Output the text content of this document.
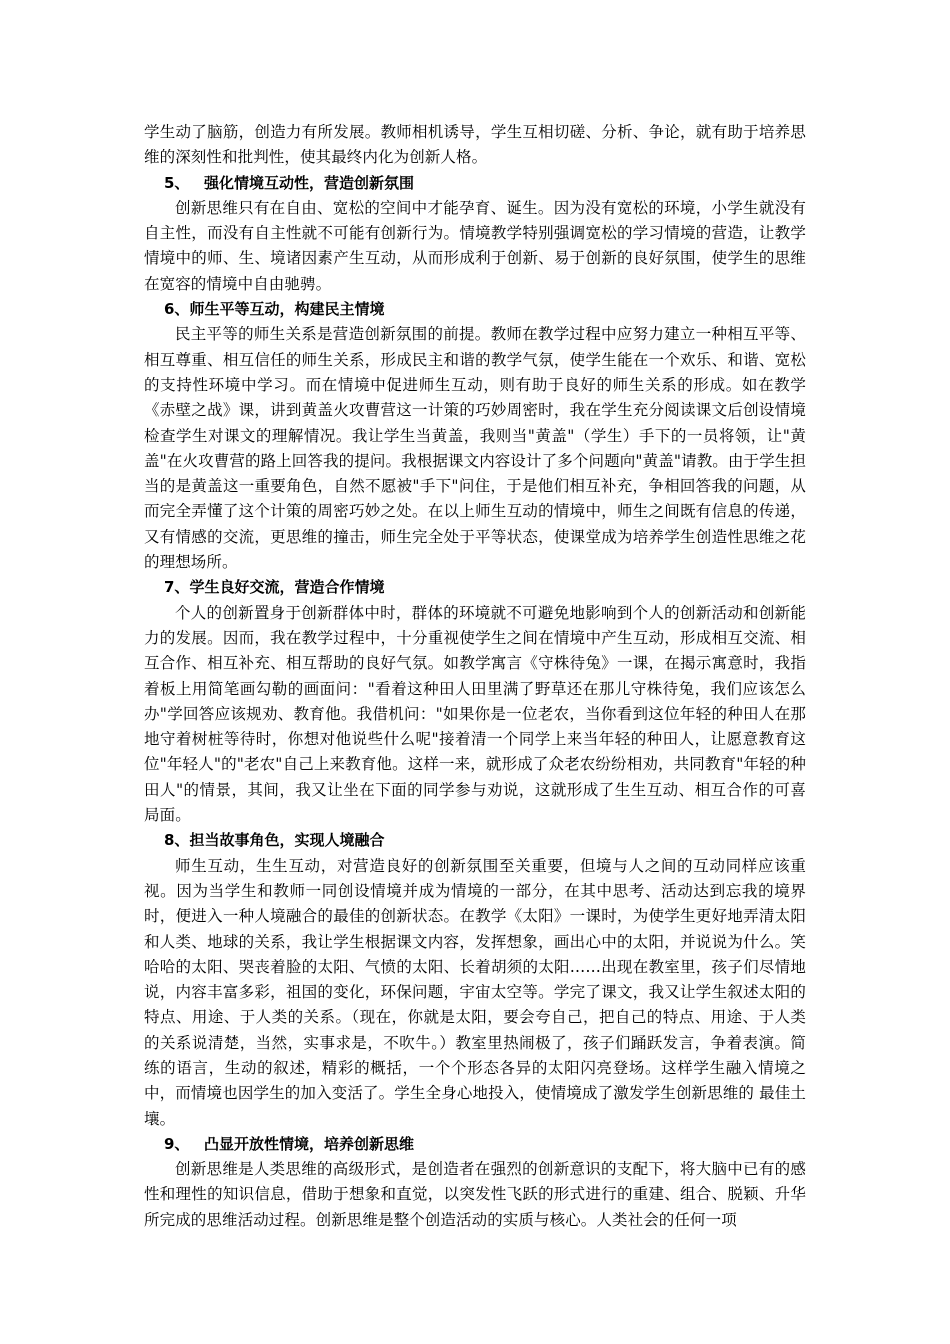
学生动了脑筋，创造力有所发展。教师相机诱导，学生互相切磋、分析、争论，就有助于培养思维的深刻性和批判性，使其最终内化为创新人格。

5、 强化情境互动性，营造创新氛围

创新思维只有在自由、宽松的空间中才能孕育、诞生。因为没有宽松的环境，小学生就没有自主性，而没有自主性就不可能有创新行为。情境教学特别强调宽松的学习情境的营造，让教学情境中的师、生、境诸因素产生互动，从而形成利于创新、易于创新的良好氛围，使学生的思维在宽容的情境中自由驰骋。

6、师生平等互动，构建民主情境

民主平等的师生关系是营造创新氛围的前提。教师在教学过程中应努力建立一种相互平等、相互尊重、相互信任的师生关系，形成民主和谐的教学气氛，使学生能在一个欢乐、和谐、宽松的支持性环境中学习。而在情境中促进师生互动，则有助于良好的师生关系的形成。如在教学《赤壁之战》课，讲到黄盖火攻曹营这一计策的巧妙周密时，我在学生充分阅读课文后创设情境检查学生对课文的理解情况。我让学生当黄盖，我则当"黄盖"（学生）手下的一员将领，让"黄盖"在火攻曹营的路上回答我的提问。我根据课文内容设计了多个问题向"黄盖"请教。由于学生担当的是黄盖这一重要角色，自然不愿被"手下"问住，于是他们相互补充，争相回答我的问题，从而完全弄懂了这个计策的周密巧妙之处。在以上师生互动的情境中，师生之间既有信息的传递，又有情感的交流，更思维的撞击，师生完全处于平等状态，使课堂成为培养学生创造性思维之花的理想场所。

7、学生良好交流，营造合作情境

个人的创新置身于创新群体中时，群体的环境就不可避免地影响到个人的创新活动和创新能力的发展。因而，我在教学过程中，十分重视使学生之间在情境中产生互动，形成相互交流、相互合作、相互补充、相互帮助的良好气氛。如教学寓言《守株待兔》一课，在揭示寓意时，我指着板上用简笔画勾勒的画面问："看着这种田人田里满了野草还在那儿守株待兔，我们应该怎么办"学回答应该规劝、教育他。我借机问："如果你是一位老农，当你看到这位年轻的种田人在那地守着树桩等待时，你想对他说些什么呢"接着清一个同学上来当年轻的种田人，让愿意教育这位"年轻人"的"老农"自己上来教育他。这样一来，就形成了众老农纷纷相劝，共同教育"年轻的种田人"的情景，其间，我又让坐在下面的同学参与劝说，这就形成了生生互动、相互合作的可喜局面。

8、担当故事角色，实现人境融合

师生互动，生生互动，对营造良好的创新氛围至关重要，但境与人之间的互动同样应该重视。因为当学生和教师一同创设情境并成为情境的一部分，在其中思考、活动达到忘我的境界时，便进入一种人境融合的最佳的创新状态。在教学《太阳》一课时，为使学生更好地弄清太阳和人类、地球的关系，我让学生根据课文内容，发挥想象，画出心中的太阳，并说说为什么。笑哈哈的太阳、哭丧着脸的太阳、气愤的太阳、长着胡须的太阳……出现在教室里，孩子们尽情地说，内容丰富多彩，祖国的变化，环保问题，宇宙太空等。学完了课文，我又让学生叙述太阳的特点、用途、于人类的关系。（现在，你就是太阳，要会夸自己，把自己的特点、用途、于人类的关系说清楚，当然，实事求是，不吹牛。）教室里热闹极了，孩子们踊跃发言，争着表演。简练的语言，生动的叙述，精彩的概括，一个个形态各异的太阳闪亮登场。这样学生融入情境之中，而情境也因学生的加入变活了。学生全身心地投入，使情境成了激发学生创新思维的 最佳土壤。

9、 凸显开放性情境，培养创新思维

创新思维是人类思维的高级形式，是创造者在强烈的创新意识的支配下，将大脑中已有的感性和理性的知识信息，借助于想象和直觉，以突发性飞跃的形式进行的重建、组合、脱颖、升华所完成的思维活动过程。创新思维是整个创造活动的实质与核心。人类社会的任何一项
